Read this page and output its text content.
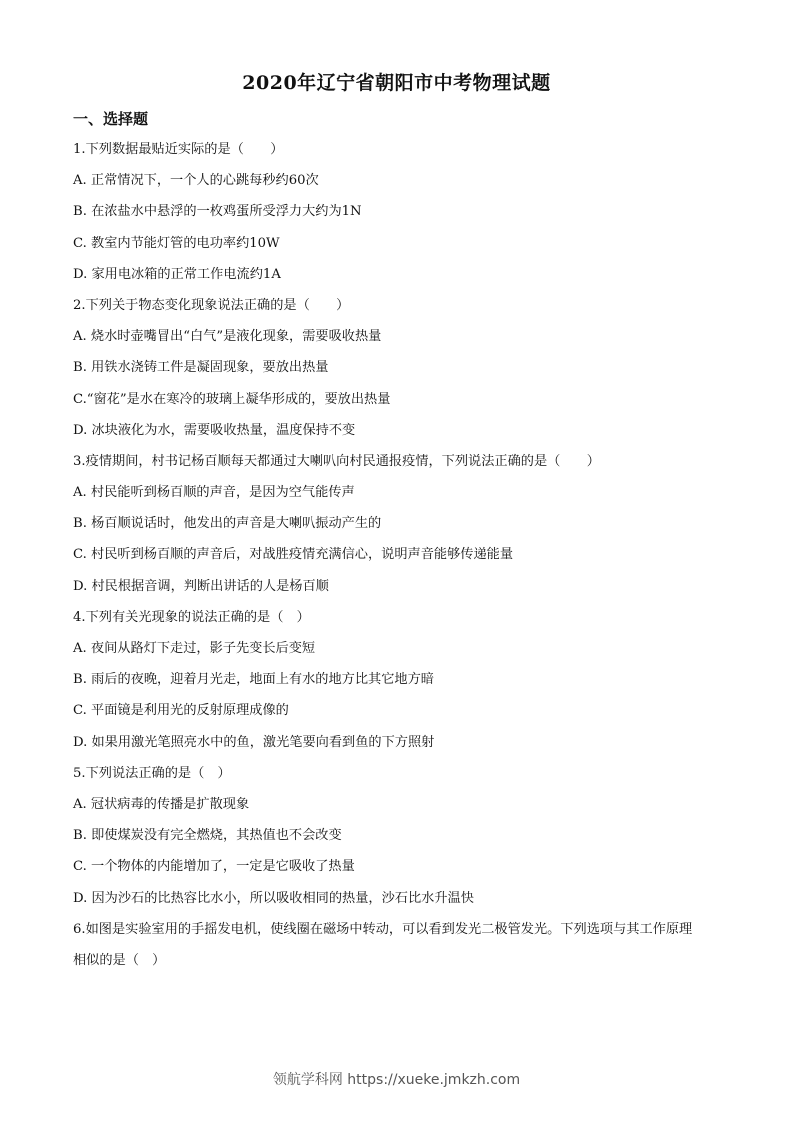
2020年辽宁省朝阳市中考物理试题
一、选择题
1.下列数据最贴近实际的是（　　）
A. 正常情况下，一个人的心跳每秒约60次
B. 在浓盐水中悬浮的一枚鸡蛋所受浮力大约为1N
C. 教室内节能灯管的电功率约10W
D. 家用电冰箱的正常工作电流约1A
2.下列关于物态变化现象说法正确的是（　　）
A. 烧水时壶嘴冒出“白气”是液化现象，需要吸收热量
B. 用铁水浇铸工件是凝固现象，要放出热量
C.“窗花”是水在寒冷的玻璃上凝华形成的，要放出热量
D. 冰块液化为水，需要吸收热量，温度保持不变
3.疫情期间，村书记杨百顺每天都通过大喇叭向村民通报疫情，下列说法正确的是（　　）
A. 村民能听到杨百顺的声音，是因为空气能传声
B. 杨百顺说话时，他发出的声音是大喇叭振动产生的
C. 村民听到杨百顺的声音后，对战胜疫情充满信心，说明声音能够传递能量
D. 村民根据音调，判断出讲话的人是杨百顺
4.下列有关光现象的说法正确的是（　）
A. 夜间从路灯下走过，影子先变长后变短
B. 雨后的夜晚，迎着月光走，地面上有水的地方比其它地方暗
C. 平面镜是利用光的反射原理成像的
D. 如果用激光笔照亮水中的鱼，激光笔要向看到鱼的下方照射
5.下列说法正确的是（　）
A. 冠状病毒的传播是扩散现象
B. 即使煤炭没有完全燃烧，其热值也不会改变
C. 一个物体的内能增加了，一定是它吸收了热量
D. 因为沙石的比热容比水小，所以吸收相同的热量，沙石比水升温快
6.如图是实验室用的手摇发电机，使线圈在磁场中转动，可以看到发光二极管发光。下列选项与其工作原理
相似的是（　）
领航学科网 https://xueke.jmkzh.com
